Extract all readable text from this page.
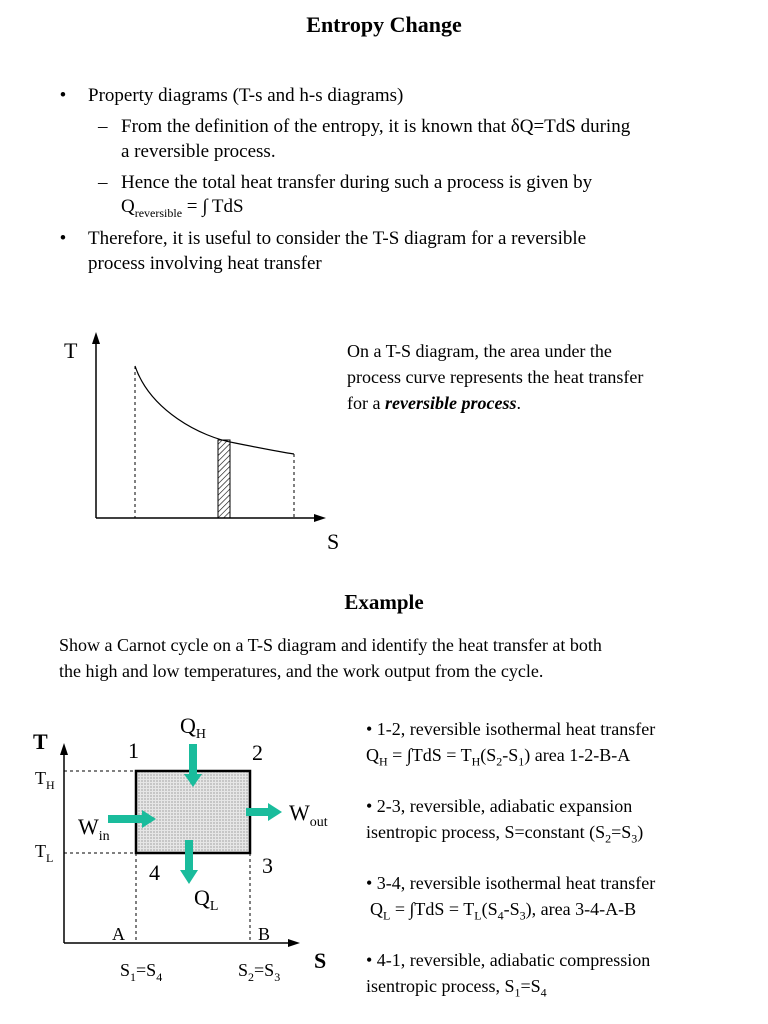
Entropy Change
• Property diagrams (T-s and h-s diagrams)
– From the definition of the entropy, it is known that δQ=TdS during
a reversible process.
– Hence the total heat transfer during such a process is given by
$Q_{reversible}$ = ∫ TdS
• Therefore, it is useful to consider the T-S diagram for a reversible
process involving heat transfer
T
S
On a T-S diagram, the area under the
process curve represents the heat transfer
for a reversible process.
Example
Show a Carnot cycle on a T-S diagram and identify the heat transfer at both
the high and low temperatures, and the work output from the cycle.
T
S
$T_H$
$T_L$
$Q_H$
$Q_L$
$W_{in}$
$W_{out}$
1	2
3
4
A	B
$S_1=S_4$	$S_2=S_3$
• 1-2, reversible isothermal heat transfer
$Q_H = \int TdS = T_H(S_2-S_1)$ area 1-2-B-A
• 2-3, reversible, adiabatic expansion
isentropic process, S=constant $(S_2=S_3)$
• 3-4, reversible isothermal heat transfer
$Q_L = \int TdS = T_L(S_4-S_3)$, area 3-4-A-B
• 4-1, reversible, adiabatic compression
isentropic process, $S_1=S_4$
